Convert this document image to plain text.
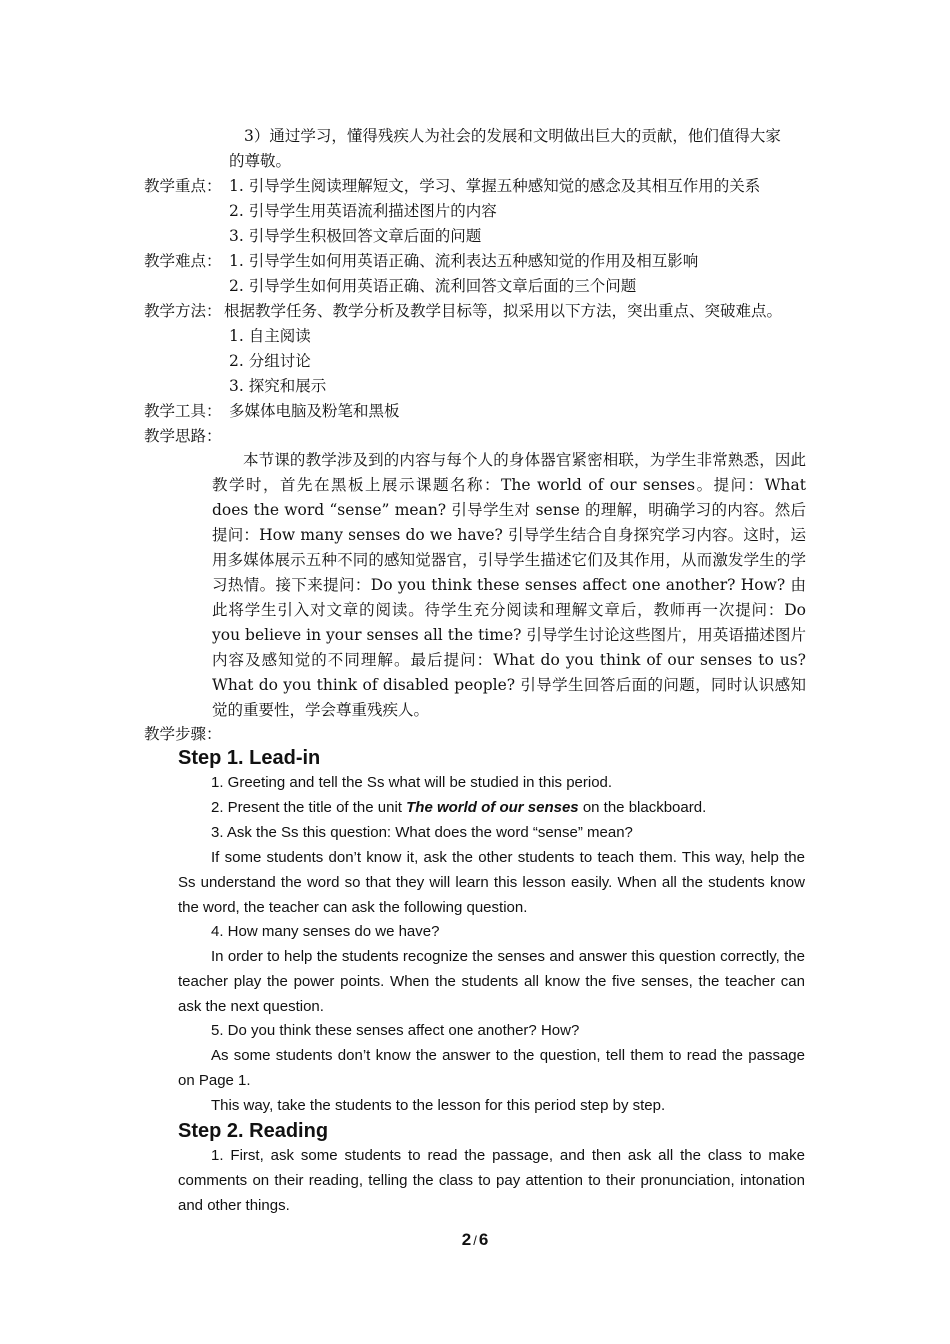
3）通过学习，懂得残疾人为社会的发展和文明做出巨大的贡献，他们值得大家
的尊敬。
教学重点： 1. 引导学生阅读理解短文，学习、掌握五种感知觉的感念及其相互作用的关系
2. 引导学生用英语流利描述图片的内容
3. 引导学生积极回答文章后面的问题
教学难点： 1. 引导学生如何用英语正确、流利表达五种感知觉的作用及相互影响
2. 引导学生如何用英语正确、流利回答文章后面的三个问题
教学方法： 根据教学任务、教学分析及教学目标等，拟采用以下方法，突出重点、突破难点。
1. 自主阅读
2. 分组讨论
3. 探究和展示
教学工具： 多媒体电脑及粉笔和黑板
教学思路：
本节课的教学涉及到的内容与每个人的身体器官紧密相联，为学生非常熟悉，因此教学时，首先在黑板上展示课题名称：The world of our senses。提问：What does the word “sense” mean? 引导学生对 sense 的理解，明确学习的内容。然后提问：How many senses do we have? 引导学生结合自身探究学习内容。这时，运用多媒体展示五种不同的感知觉器官，引导学生描述它们及其作用，从而激发学生的学习热情。接下来提问：Do you think these senses affect one another? How? 由此将学生引入对文章的阅读。待学生充分阅读和理解文章后，教师再一次提问：Do you believe in your senses all the time? 引导学生讨论这些图片，用英语描述图片内容及感知觉的不同理解。最后提问：What do you think of our senses to us? What do you think of disabled people? 引导学生回答后面的问题，同时认识感知觉的重要性，学会尊重残疾人。
教学步骤：
Step 1. Lead-in
1. Greeting and tell the Ss what will be studied in this period.
2. Present the title of the unit The world of our senses on the blackboard.
3. Ask the Ss this question: What does the word “sense” mean?
If some students don’t know it, ask the other students to teach them. This way, help the Ss understand the word so that they will learn this lesson easily. When all the students know the word, the teacher can ask the following question.
4. How many senses do we have?
In order to help the students recognize the senses and answer this question correctly, the teacher play the power points. When the students all know the five senses, the teacher can ask the next question.
5. Do you think these senses affect one another? How?
As some students don’t know the answer to the question, tell them to read the passage on Page 1.
This way, take the students to the lesson for this period step by step.
Step 2. Reading
1. First, ask some students to read the passage, and then ask all the class to make comments on their reading, telling the class to pay attention to their pronunciation, intonation and other things.
2 / 6
